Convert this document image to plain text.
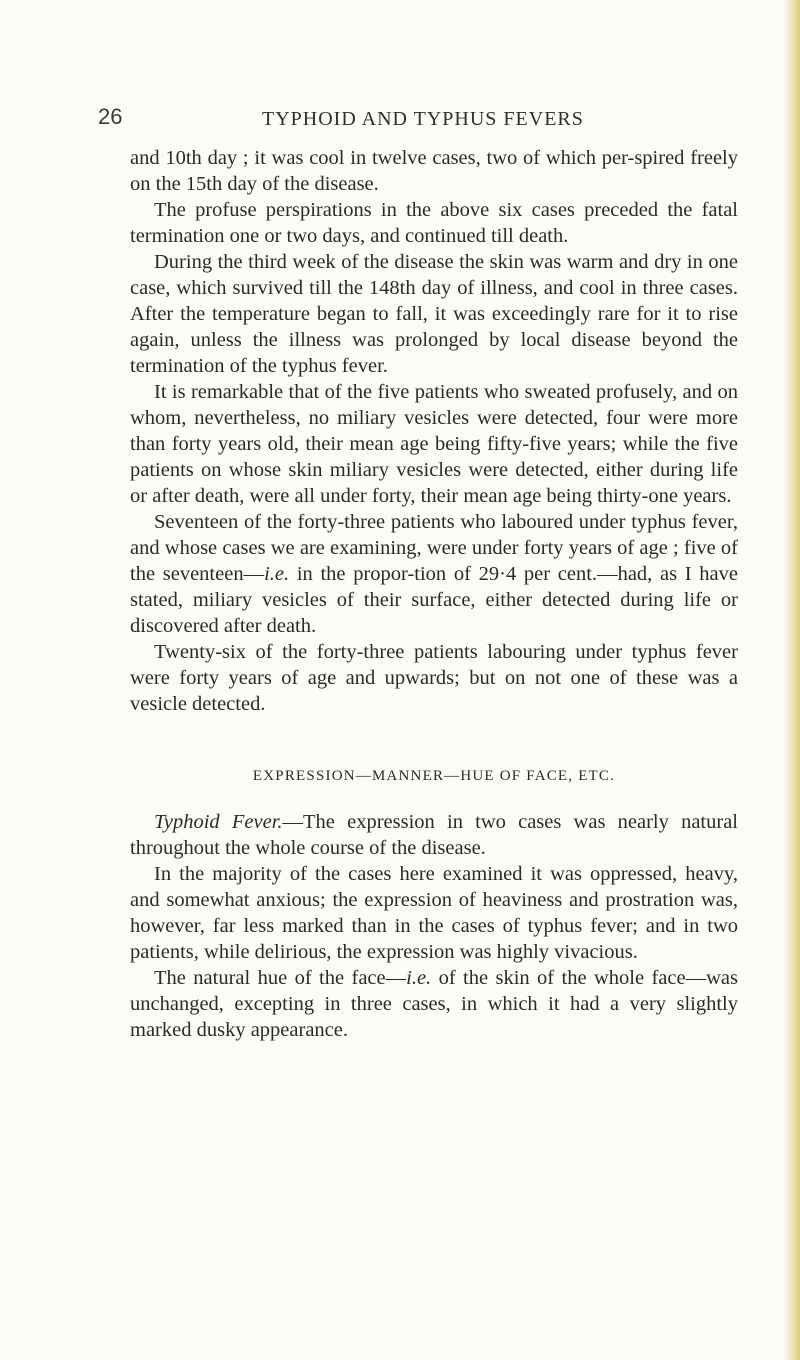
26	TYPHOID AND TYPHUS FEVERS

and 10th day ; it was cool in twelve cases, two of which per-spired freely on the 15th day of the disease.

The profuse perspirations in the above six cases preceded the fatal termination one or two days, and continued till death.

During the third week of the disease the skin was warm and dry in one case, which survived till the 148th day of illness, and cool in three cases. After the temperature began to fall, it was exceedingly rare for it to rise again, unless the illness was prolonged by local disease beyond the termination of the typhus fever.

It is remarkable that of the five patients who sweated profusely, and on whom, nevertheless, no miliary vesicles were detected, four were more than forty years old, their mean age being fifty-five years; while the five patients on whose skin miliary vesicles were detected, either during life or after death, were all under forty, their mean age being thirty-one years.

Seventeen of the forty-three patients who laboured under typhus fever, and whose cases we are examining, were under forty years of age ; five of the seventeen—i.e. in the propor-tion of 29·4 per cent.—had, as I have stated, miliary vesicles of their surface, either detected during life or discovered after death.

Twenty-six of the forty-three patients labouring under typhus fever were forty years of age and upwards; but on not one of these was a vesicle detected.

EXPRESSION—MANNER—HUE OF FACE, ETC.

Typhoid Fever.—The expression in two cases was nearly natural throughout the whole course of the disease.

In the majority of the cases here examined it was oppressed, heavy, and somewhat anxious; the expression of heaviness and prostration was, however, far less marked than in the cases of typhus fever; and in two patients, while delirious, the expression was highly vivacious.

The natural hue of the face—i.e. of the skin of the whole face—was unchanged, excepting in three cases, in which it had a very slightly marked dusky appearance.
